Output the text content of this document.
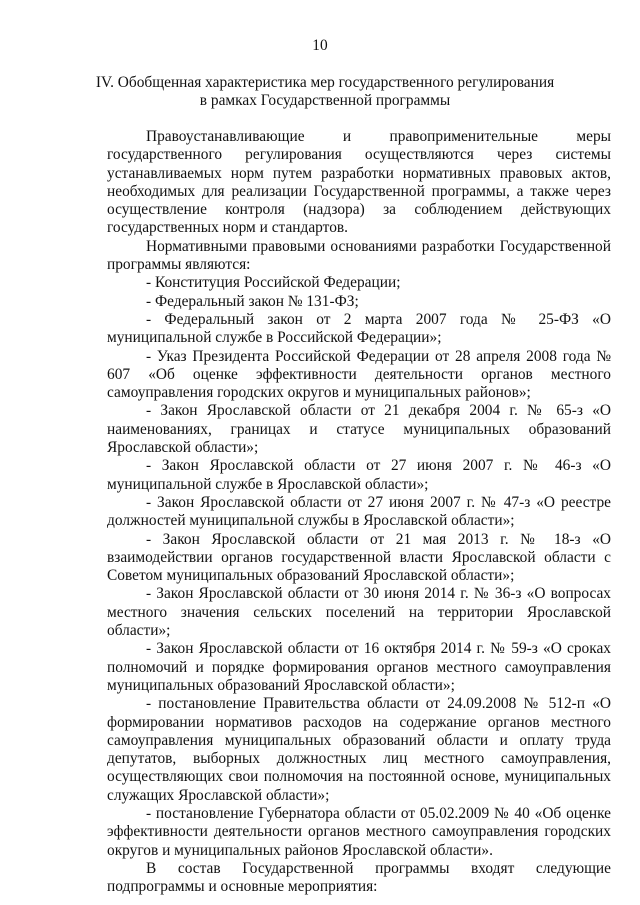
10
IV. Обобщенная характеристика мер государственного регулирования в рамках Государственной программы

Правоустанавливающие и правоприменительные меры государственного регулирования осуществляются через системы устанавливаемых норм путем разработки нормативных правовых актов, необходимых для реализации Государственной программы, а также через осуществление контроля (надзора) за соблюдением действующих государственных норм и стандартов.

Нормативными правовыми основаниями разработки Государственной программы являются:

- Конституция Российской Федерации;

- Федеральный закон № 131-ФЗ;

- Федеральный закон от 2 марта 2007 года № 25-ФЗ «О муниципальной службе в Российской Федерации»;

- Указ Президента Российской Федерации от 28 апреля 2008 года № 607 «Об оценке эффективности деятельности органов местного самоуправления городских округов и муниципальных районов»;

- Закон Ярославской области от 21 декабря 2004 г. № 65-з «О наименованиях, границах и статусе муниципальных образований Ярославской области»;

- Закон Ярославской области от 27 июня 2007 г. № 46-з «О муниципальной службе в Ярославской области»;

- Закон Ярославской области от 27 июня 2007 г. № 47-з «О реестре должностей муниципальной службы в Ярославской области»;

- Закон Ярославской области от 21 мая 2013 г. № 18-з «О взаимодействии органов государственной власти Ярославской области с Советом муниципальных образований Ярославской области»;

- Закон Ярославской области от 30 июня 2014 г. № 36-з «О вопросах местного значения сельских поселений на территории Ярославской области»;

- Закон Ярославской области от 16 октября 2014 г. № 59-з «О сроках полномочий и порядке формирования органов местного самоуправления муниципальных образований Ярославской области»;

- постановление Правительства области от 24.09.2008 № 512-п «О формировании нормативов расходов на содержание органов местного самоуправления муниципальных образований области и оплату труда депутатов, выборных должностных лиц местного самоуправления, осуществляющих свои полномочия на постоянной основе, муниципальных служащих Ярославской области»;

- постановление Губернатора области от 05.02.2009 № 40 «Об оценке эффективности деятельности органов местного самоуправления городских округов и муниципальных районов Ярославской области».

В состав Государственной программы входят следующие подпрограммы и основные мероприятия:
